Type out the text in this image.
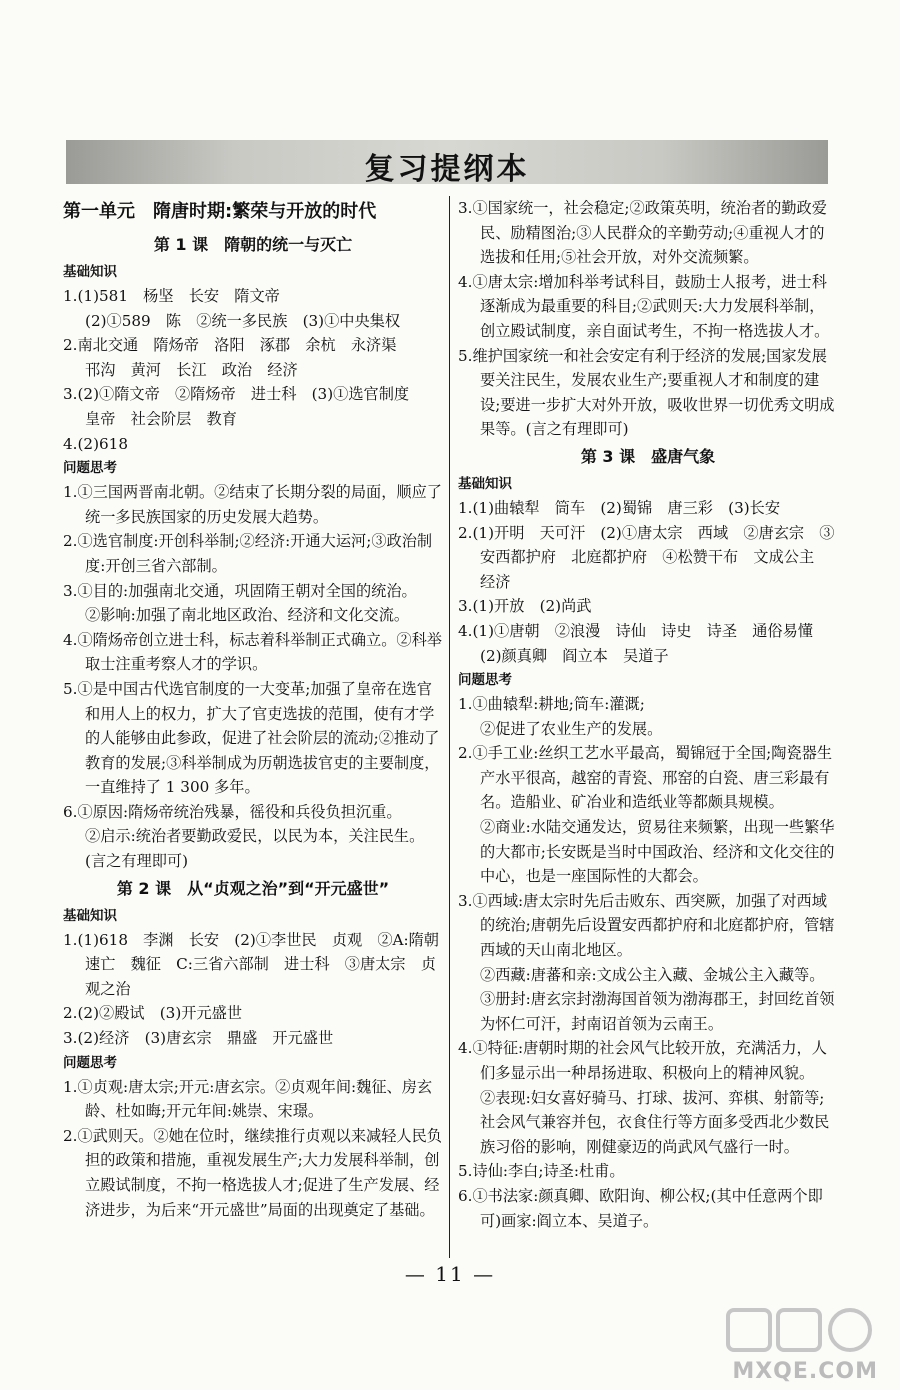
复习提纲本
第一单元　隋唐时期:繁荣与开放的时代
第 1 课　隋朝的统一与灭亡
基础知识
1.(1)581　杨坚　长安　隋文帝
(2)①589　陈　②统一多民族　(3)①中央集权
2.南北交通　隋炀帝　洛阳　涿郡　余杭　永济渠
邗沟　黄河　长江　政治　经济
3.(2)①隋文帝　②隋炀帝　进士科　(3)①选官制度
皇帝　社会阶层　教育
4.(2)618
问题思考
1.①三国两晋南北朝。②结束了长期分裂的局面，顺应了统一多民族国家的历史发展大趋势。
2.①选官制度:开创科举制;②经济:开通大运河;③政治制度:开创三省六部制。
3.①目的:加强南北交通，巩固隋王朝对全国的统治。
②影响:加强了南北地区政治、经济和文化交流。
4.①隋炀帝创立进士科，标志着科举制正式确立。②科举取士注重考察人才的学识。
5.①是中国古代选官制度的一大变革;加强了皇帝在选官和用人上的权力，扩大了官吏选拔的范围，使有才学的人能够由此参政，促进了社会阶层的流动;②推动了教育的发展;③科举制成为历朝选拔官吏的主要制度，一直维持了 1 300 多年。
6.①原因:隋炀帝统治残暴，徭役和兵役负担沉重。
②启示:统治者要勤政爱民，以民为本，关注民生。(言之有理即可)
第 2 课　从“贞观之治”到“开元盛世”
基础知识
1.(1)618　李渊　长安　(2)①李世民　贞观　②A:隋朝速亡　魏征　C:三省六部制　进士科　③唐太宗　贞观之治
2.(2)②殿试　(3)开元盛世
3.(2)经济　(3)唐玄宗　鼎盛　开元盛世
问题思考
1.①贞观:唐太宗;开元:唐玄宗。②贞观年间:魏征、房玄龄、杜如晦;开元年间:姚崇、宋璟。
2.①武则天。②她在位时，继续推行贞观以来减轻人民负担的政策和措施，重视发展生产;大力发展科举制，创立殿试制度，不拘一格选拔人才;促进了生产发展、经济进步，为后来“开元盛世”局面的出现奠定了基础。
3.①国家统一，社会稳定;②政策英明，统治者的勤政爱民、励精图治;③人民群众的辛勤劳动;④重视人才的选拔和任用;⑤社会开放，对外交流频繁。
4.①唐太宗:增加科举考试科目，鼓励士人报考，进士科逐渐成为最重要的科目;②武则天:大力发展科举制，创立殿试制度，亲自面试考生，不拘一格选拔人才。
5.维护国家统一和社会安定有利于经济的发展;国家发展要关注民生，发展农业生产;要重视人才和制度的建设;要进一步扩大对外开放，吸收世界一切优秀文明成果等。(言之有理即可)
第 3 课　盛唐气象
基础知识
1.(1)曲辕犁　筒车　(2)蜀锦　唐三彩　(3)长安
2.(1)开明　天可汗　(2)①唐太宗　西域　②唐玄宗　③安西都护府　北庭都护府　④松赞干布　文成公主　经济
3.(1)开放　(2)尚武
4.(1)①唐朝　②浪漫　诗仙　诗史　诗圣　通俗易懂
(2)颜真卿　阎立本　吴道子
问题思考
1.①曲辕犁:耕地;筒车:灌溉;
②促进了农业生产的发展。
2.①手工业:丝织工艺水平最高，蜀锦冠于全国;陶瓷器生产水平很高，越窑的青瓷、邢窑的白瓷、唐三彩最有名。造船业、矿冶业和造纸业等都颇具规模。
②商业:水陆交通发达，贸易往来频繁，出现一些繁华的大都市;长安既是当时中国政治、经济和文化交往的中心，也是一座国际性的大都会。
3.①西域:唐太宗时先后击败东、西突厥，加强了对西域的统治;唐朝先后设置安西都护府和北庭都护府，管辖西域的天山南北地区。
②西藏:唐蕃和亲:文成公主入藏、金城公主入藏等。
③册封:唐玄宗封渤海国首领为渤海郡王，封回纥首领为怀仁可汗，封南诏首领为云南王。
4.①特征:唐朝时期的社会风气比较开放，充满活力，人们多显示出一种昂扬进取、积极向上的精神风貌。
②表现:妇女喜好骑马、打球、拔河、弈棋、射箭等;社会风气兼容并包，衣食住行等方面多受西北少数民族习俗的影响，刚健豪迈的尚武风气盛行一时。
5.诗仙:李白;诗圣:杜甫。
6.①书法家:颜真卿、欧阳询、柳公权;(其中任意两个即可)画家:阎立本、吴道子。
— 11 —
MXQE.COM
